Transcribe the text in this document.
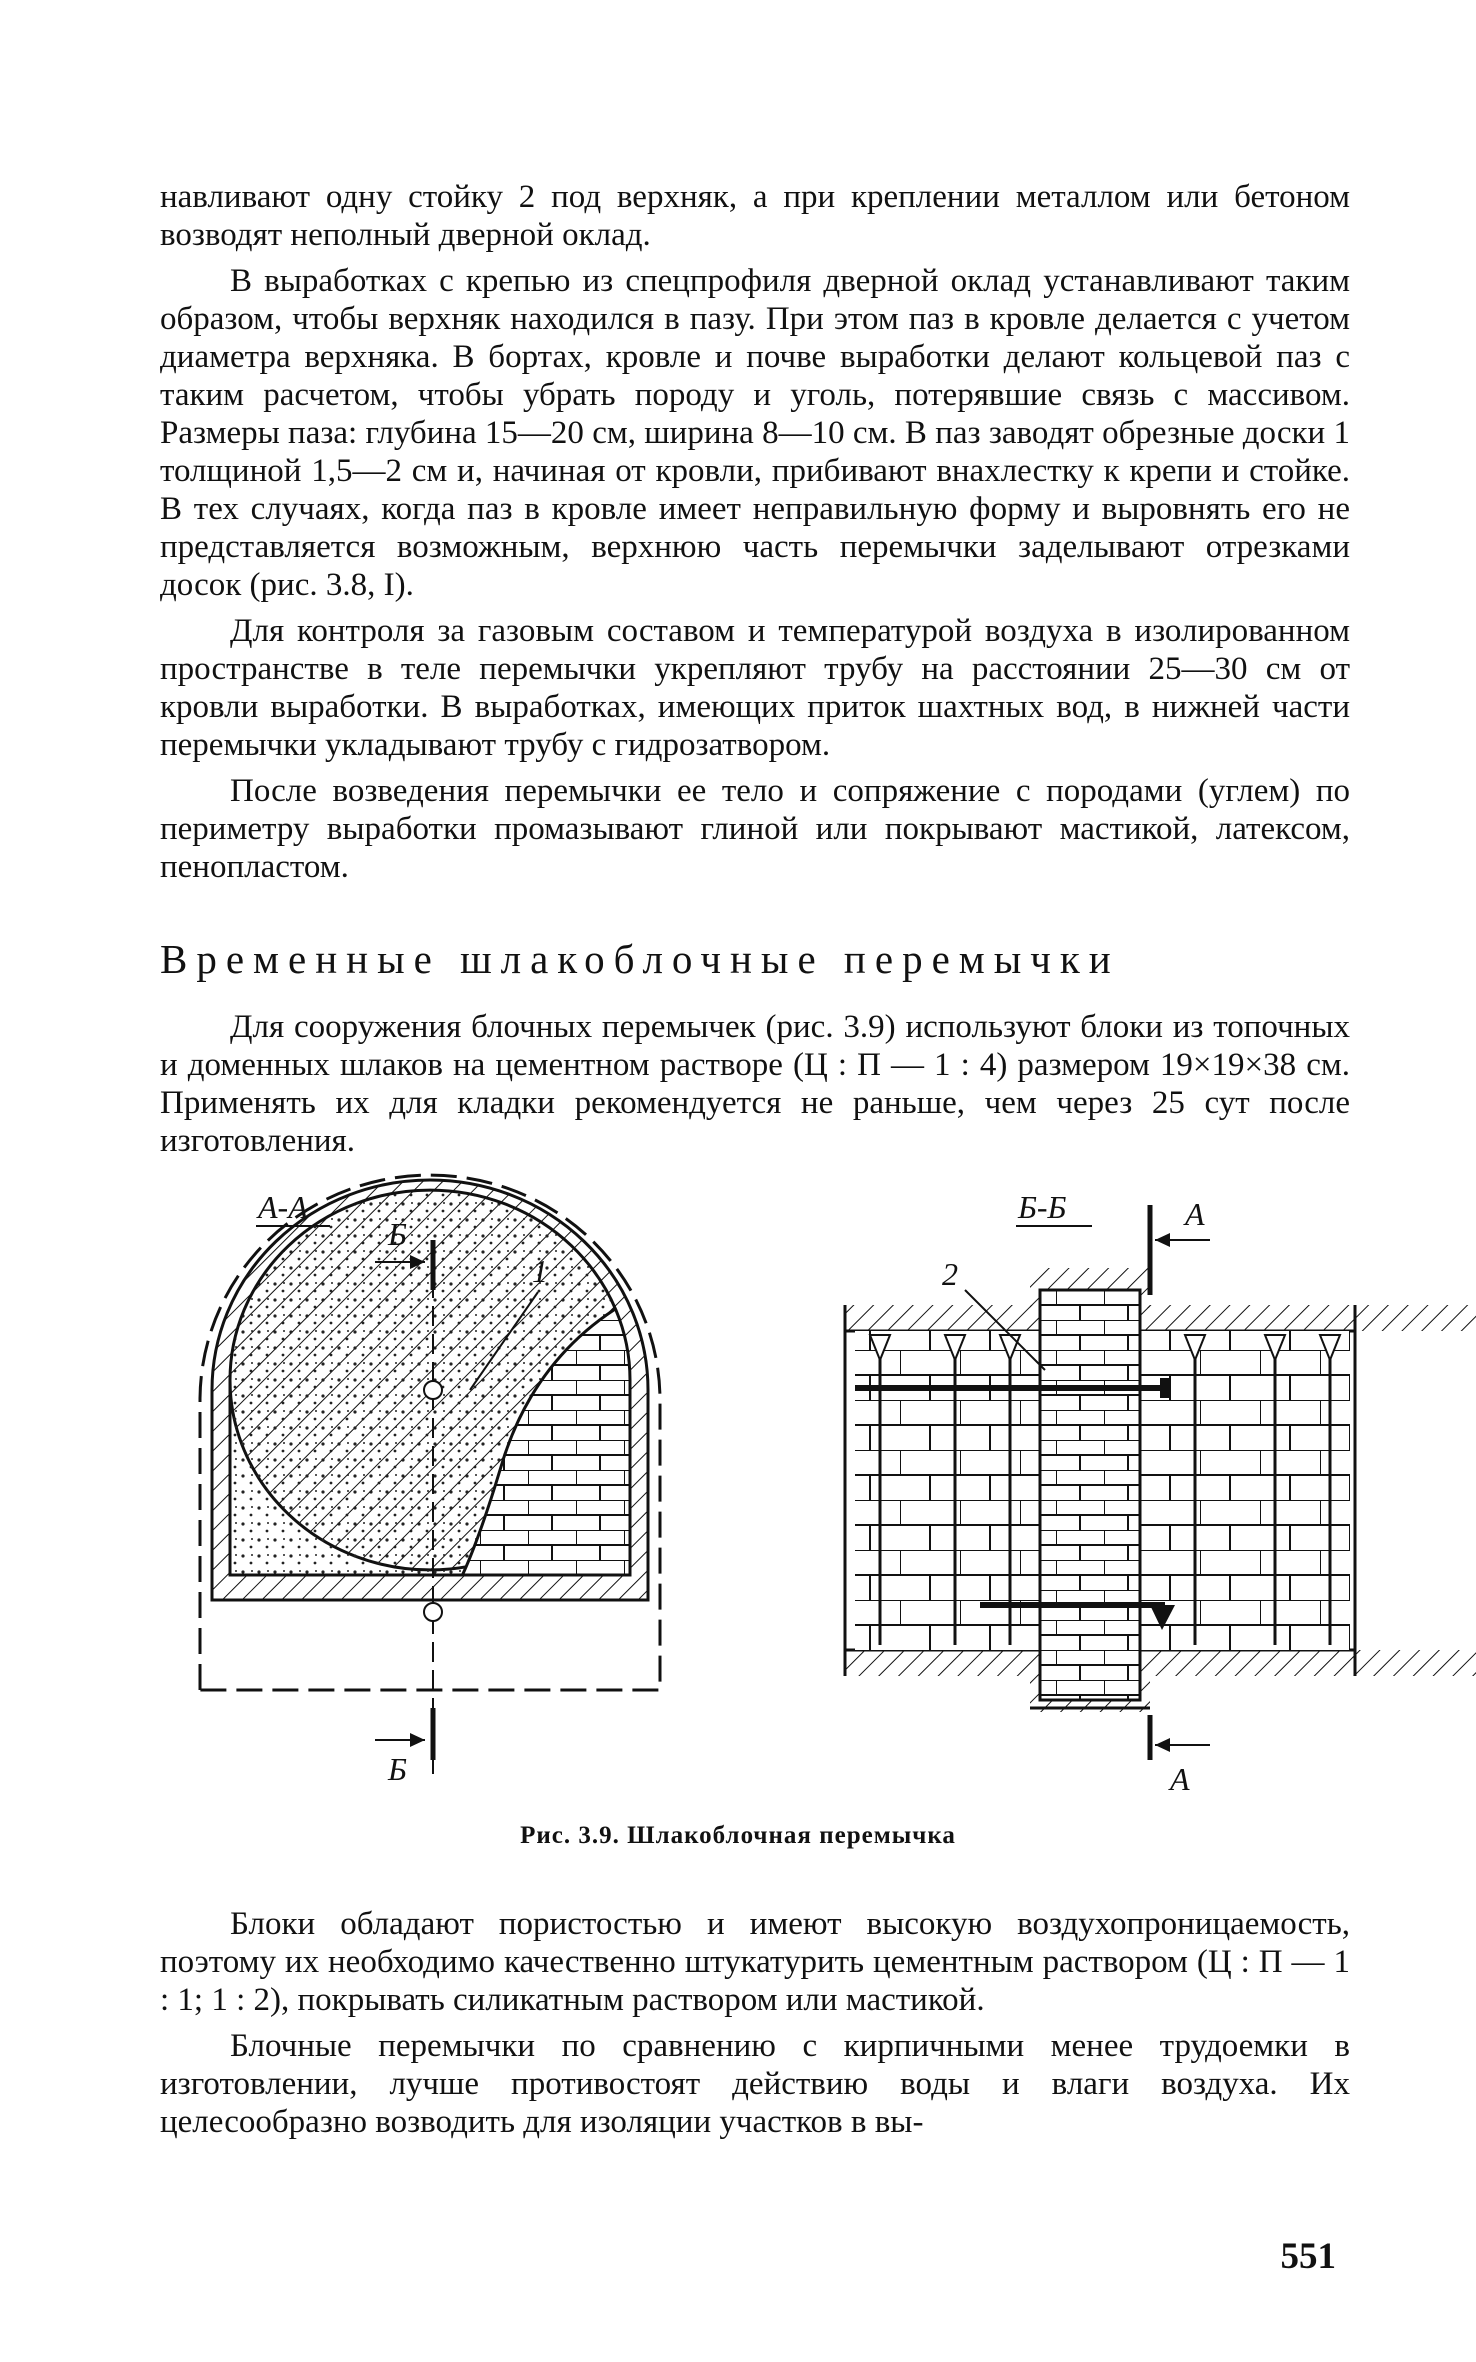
навливают одну стойку 2 под верхняк, а при креплении металлом или бетоном возводят неполный дверной оклад.

В выработках с крепью из спецпрофиля дверной оклад устанавливают таким образом, чтобы верхняк находился в пазу. При этом паз в кровле делается с учетом диаметра верхняка. В бортах, кровле и почве выработки делают кольцевой паз с таким расчетом, чтобы убрать породу и уголь, потерявшие связь с массивом. Размеры паза: глубина 15—20 см, ширина 8—10 см. В паз заводят обрезные доски 1 толщиной 1,5—2 см и, начиная от кровли, прибивают внахлестку к крепи и стойке. В тех случаях, когда паз в кровле имеет неправильную форму и выровнять его не представляется возможным, верхнюю часть перемычки заделывают отрезками досок (рис. 3.8, I).

Для контроля за газовым составом и температурой воздуха в изолированном пространстве в теле перемычки укрепляют трубу на расстоянии 25—30 см от кровли выработки. В выработках, имеющих приток шахтных вод, в нижней части перемычки укладывают трубу с гидрозатвором.

После возведения перемычки ее тело и сопряжение с породами (углем) по периметру выработки промазывают глиной или покрывают мастикой, латексом, пенопластом.

Временные шлакоблочные перемычки

Для сооружения блочных перемычек (рис. 3.9) используют блоки из топочных и доменных шлаков на цементном растворе (Ц : П — 1 : 4) размером 19×19×38 см. Применять их для кладки рекомендуется не раньше, чем через 25 сут после изготовления.

А-А
Б
Б
1
Б-Б	А
А
2
Рис. 3.9. Шлакоблочная перемычка

Блоки обладают пористостью и имеют высокую воздухопроницаемость, поэтому их необходимо качественно штукатурить цементным раствором (Ц : П — 1 : 1; 1 : 2), покрывать силикатным раствором или мастикой.

Блочные перемычки по сравнению с кирпичными менее трудоемки в изготовлении, лучше противостоят действию воды и влаги воздуха. Их целесообразно возводить для изоляции участков в вы-

551
